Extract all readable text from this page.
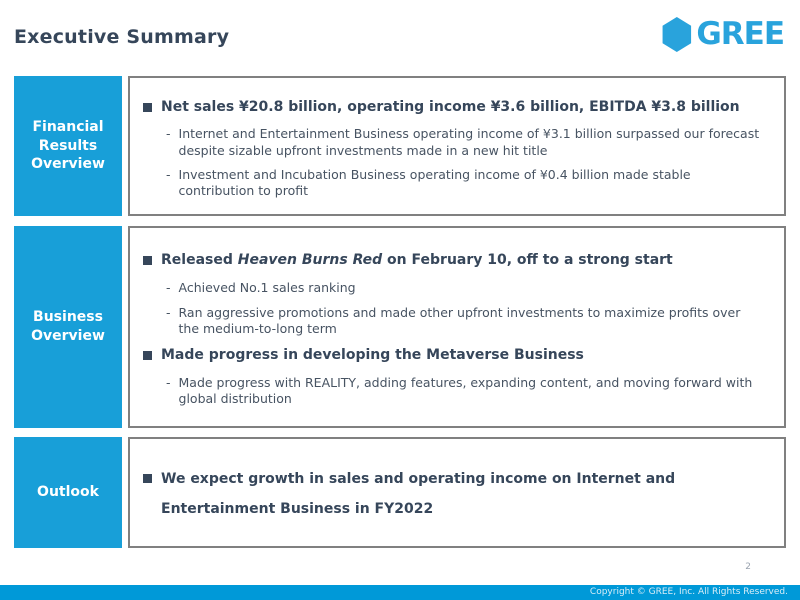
Executive Summary	GREE
Financial Results Overview
Net sales ¥20.8 billion, operating income ¥3.6 billion, EBITDA ¥3.8 billion
- Internet and Entertainment Business operating income of ¥3.1 billion surpassed our forecast despite sizable upfront investments made in a new hit title
- Investment and Incubation Business operating income of ¥0.4 billion made stable contribution to profit
Business Overview
Released Heaven Burns Red on February 10, off to a strong start
- Achieved No.1 sales ranking
- Ran aggressive promotions and made other upfront investments to maximize profits over the medium-to-long term
Made progress in developing the Metaverse Business
- Made progress with REALITY, adding features, expanding content, and moving forward with global distribution
Outlook
We expect growth in sales and operating income on Internet and Entertainment Business in FY2022
2
Copyright © GREE, Inc. All Rights Reserved.
